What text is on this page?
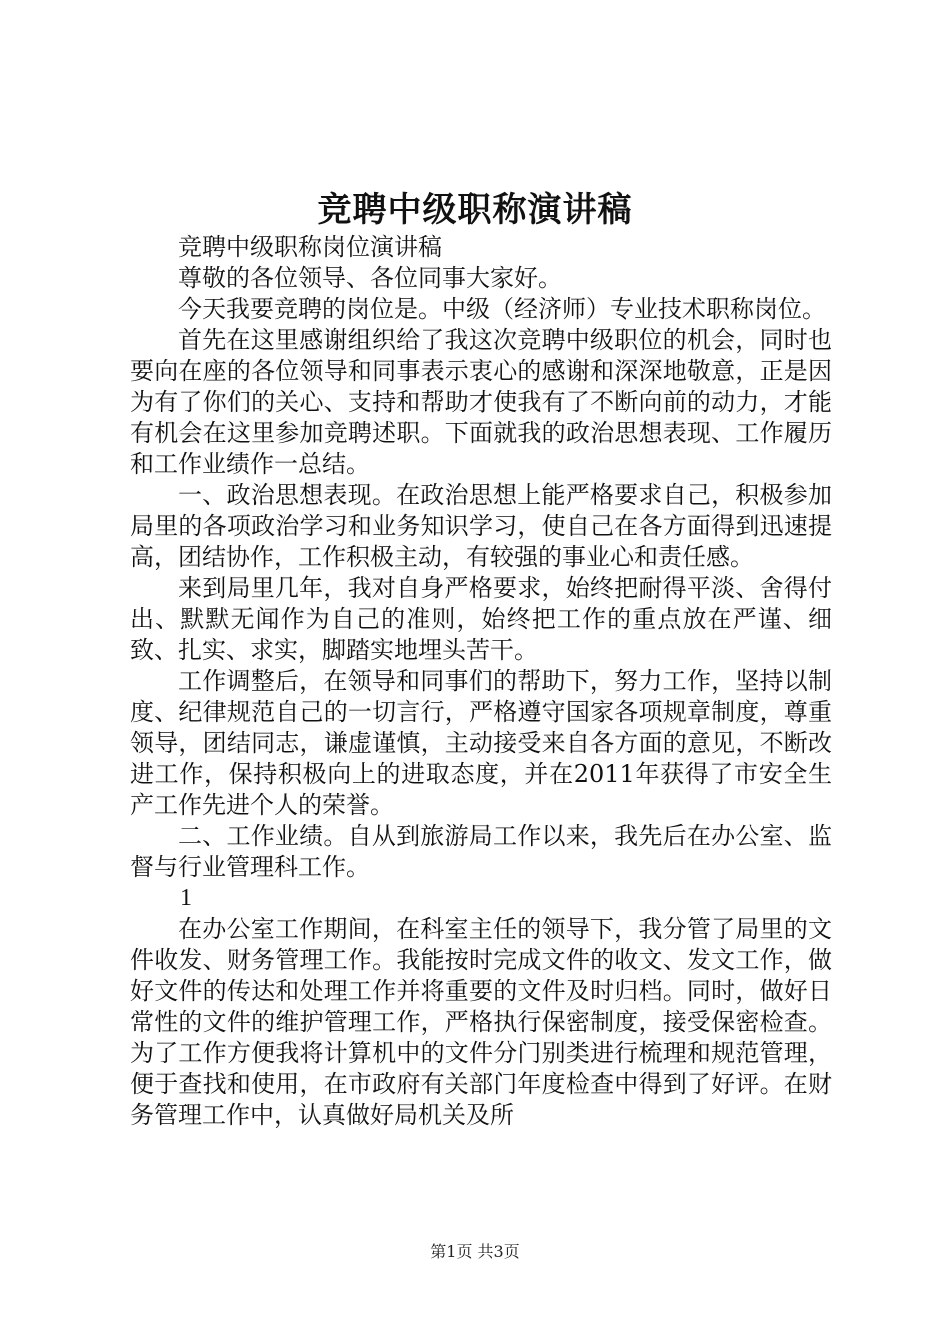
竞聘中级职称演讲稿

竞聘中级职称岗位演讲稿

尊敬的各位领导、各位同事大家好。

今天我要竞聘的岗位是。中级（经济师）专业技术职称岗位。

首先在这里感谢组织给了我这次竞聘中级职位的机会，同时也要向在座的各位领导和同事表示衷心的感谢和深深地敬意，正是因为有了你们的关心、支持和帮助才使我有了不断向前的动力，才能有机会在这里参加竞聘述职。下面就我的政治思想表现、工作履历和工作业绩作一总结。

一、政治思想表现。在政治思想上能严格要求自己，积极参加局里的各项政治学习和业务知识学习，使自己在各方面得到迅速提高，团结协作，工作积极主动，有较强的事业心和责任感。

来到局里几年，我对自身严格要求，始终把耐得平淡、舍得付出、默默无闻作为自己的准则，始终把工作的重点放在严谨、细致、扎实、求实，脚踏实地埋头苦干。

工作调整后，在领导和同事们的帮助下，努力工作，坚持以制度、纪律规范自己的一切言行，严格遵守国家各项规章制度，尊重领导，团结同志，谦虚谨慎，主动接受来自各方面的意见，不断改进工作，保持积极向上的进取态度，并在2011年获得了市安全生产工作先进个人的荣誉。

二、工作业绩。自从到旅游局工作以来，我先后在办公室、监督与行业管理科工作。

1

在办公室工作期间，在科室主任的领导下，我分管了局里的文件收发、财务管理工作。我能按时完成文件的收文、发文工作，做好文件的传达和处理工作并将重要的文件及时归档。同时，做好日常性的文件的维护管理工作，严格执行保密制度，接受保密检查。为了工作方便我将计算机中的文件分门别类进行梳理和规范管理，便于查找和使用，在市政府有关部门年度检查中得到了好评。在财务管理工作中，认真做好局机关及所

第1页 共3页
